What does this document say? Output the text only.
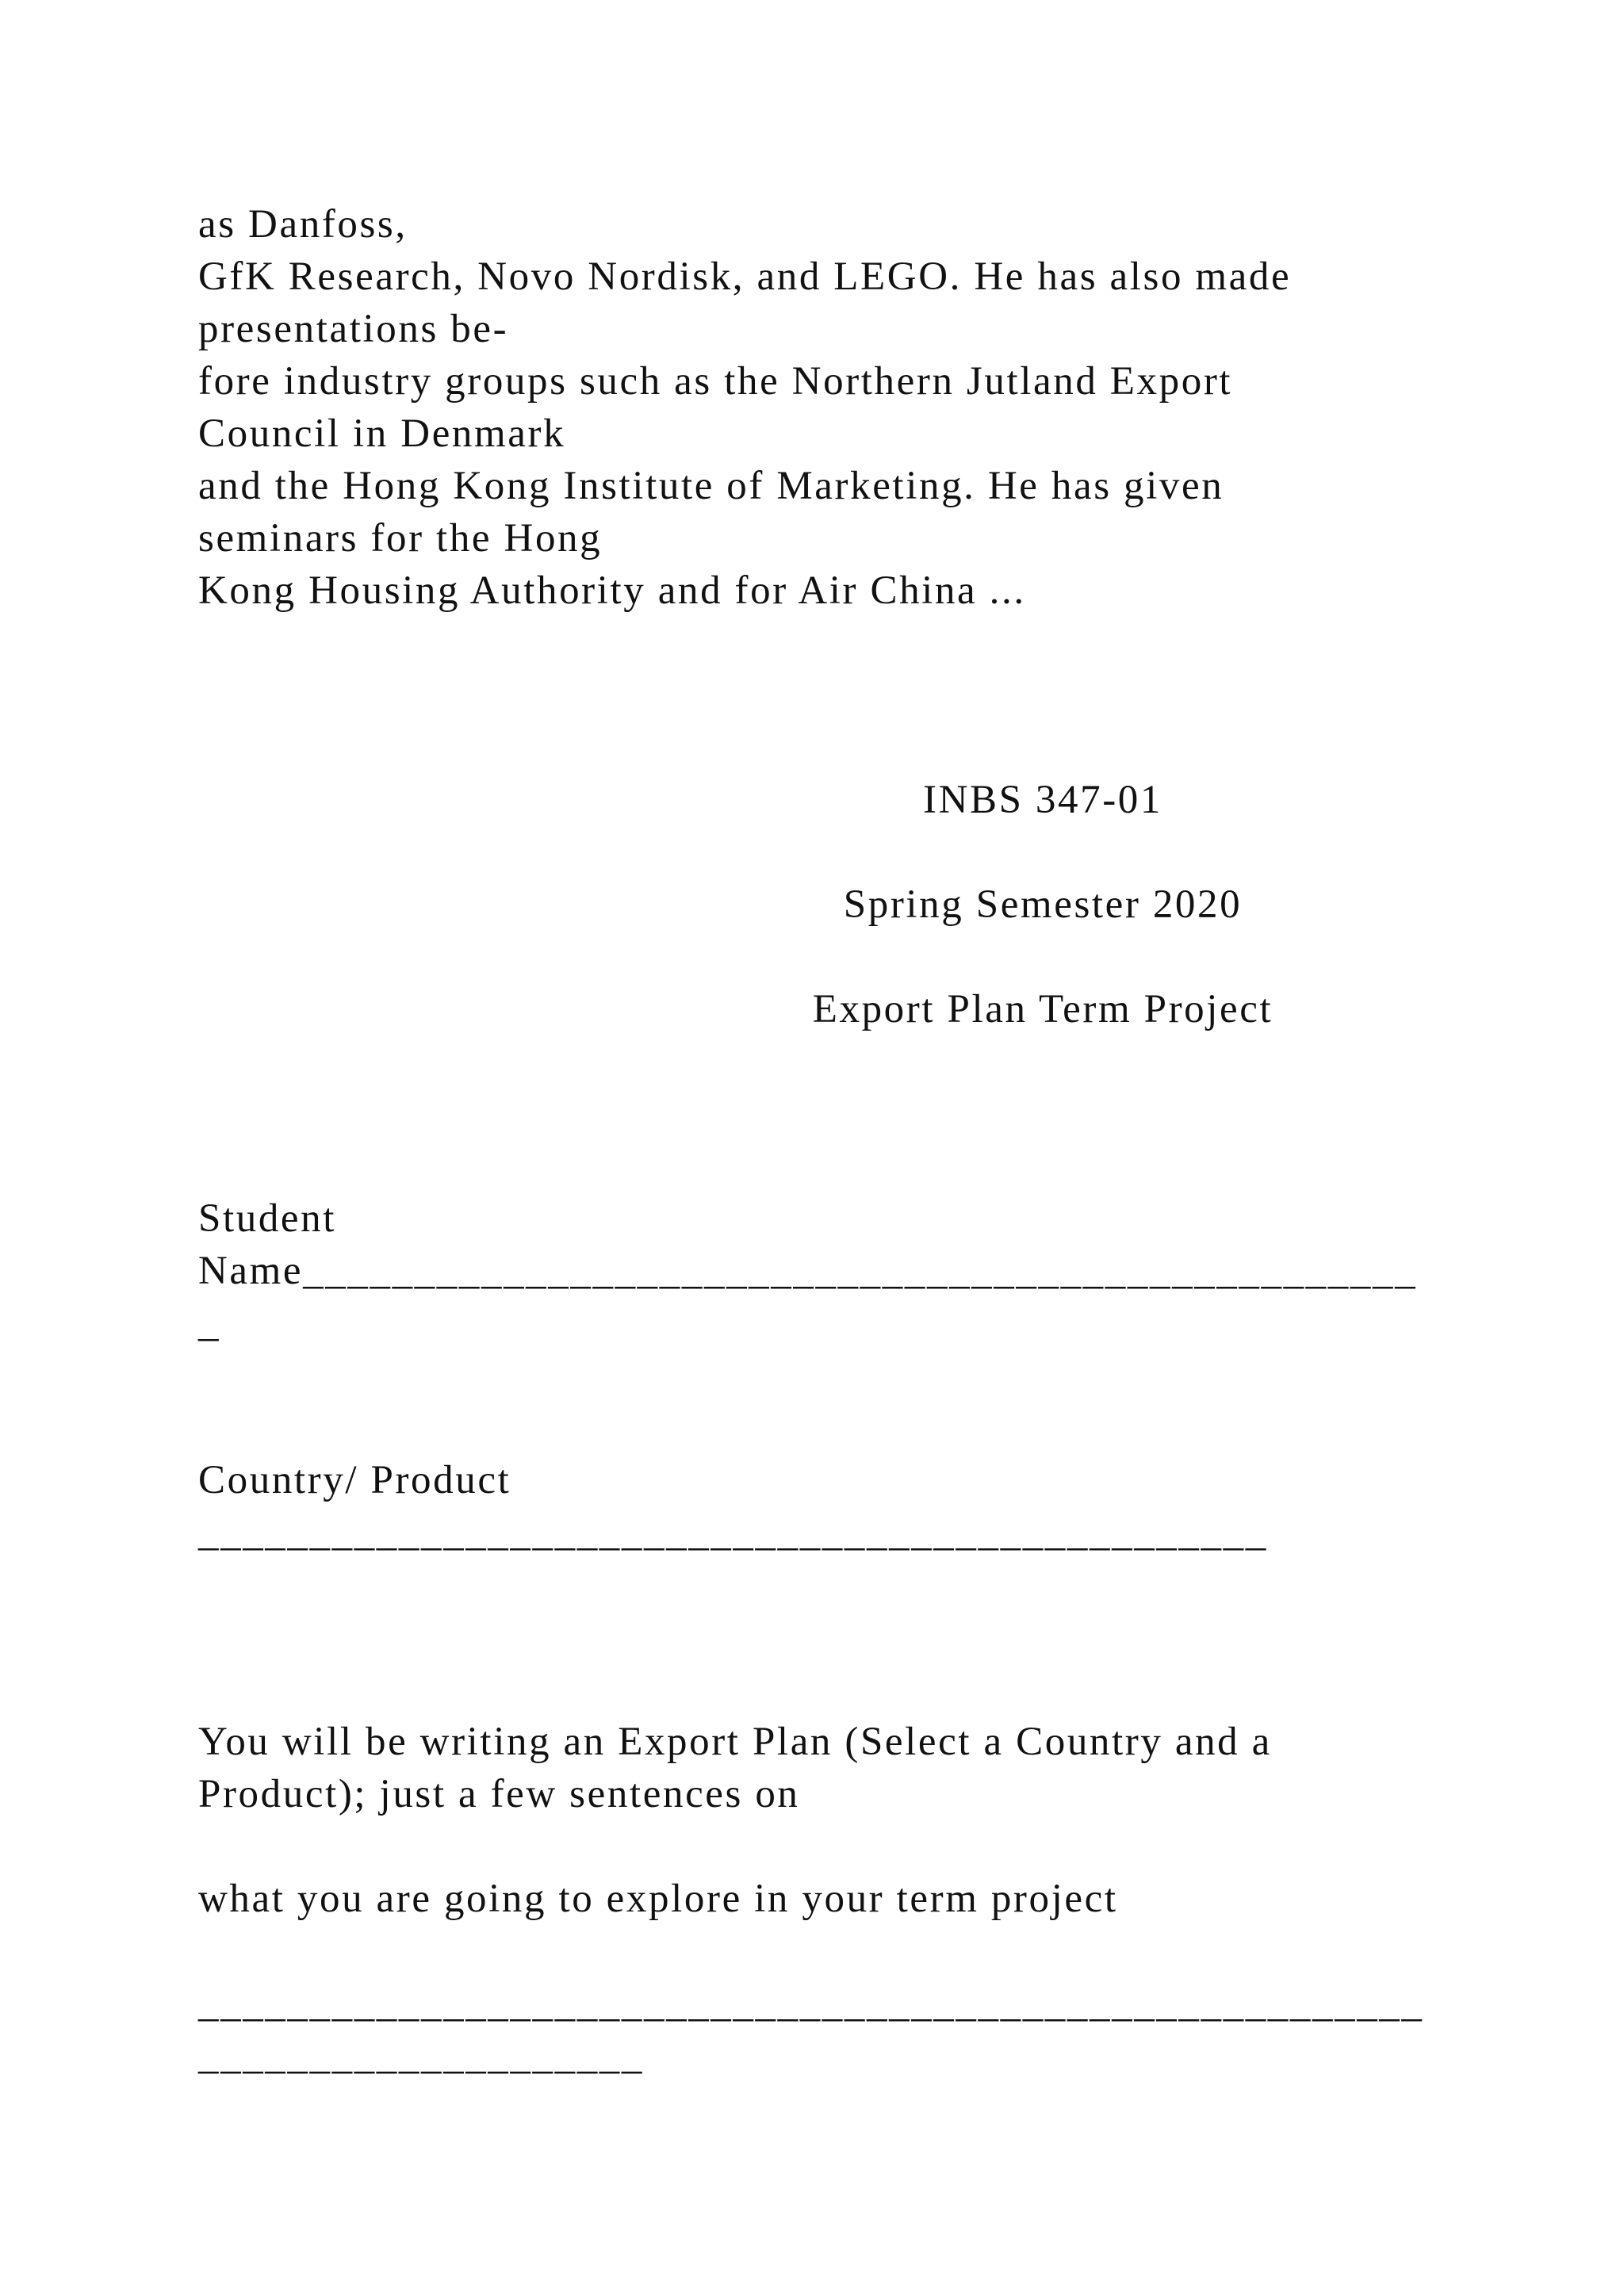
as Danfoss,
GfK Research, Novo Nordisk, and LEGO. He has also made
presentations be-
fore industry groups such as the Northern Jutland Export
Council in Denmark
and the Hong Kong Institute of Marketing. He has given
seminars for the Hong
Kong Housing Authority and for Air China ...
INBS 347-01
Spring Semester 2020
Export Plan Term Project
Student
Name__________________________________________________
_
Country/ Product
________________________________________________
You will be writing an Export Plan (Select a Country and a
Product); just a few sentences on
what you are going to explore in your term project
_______________________________________________________
____________________
